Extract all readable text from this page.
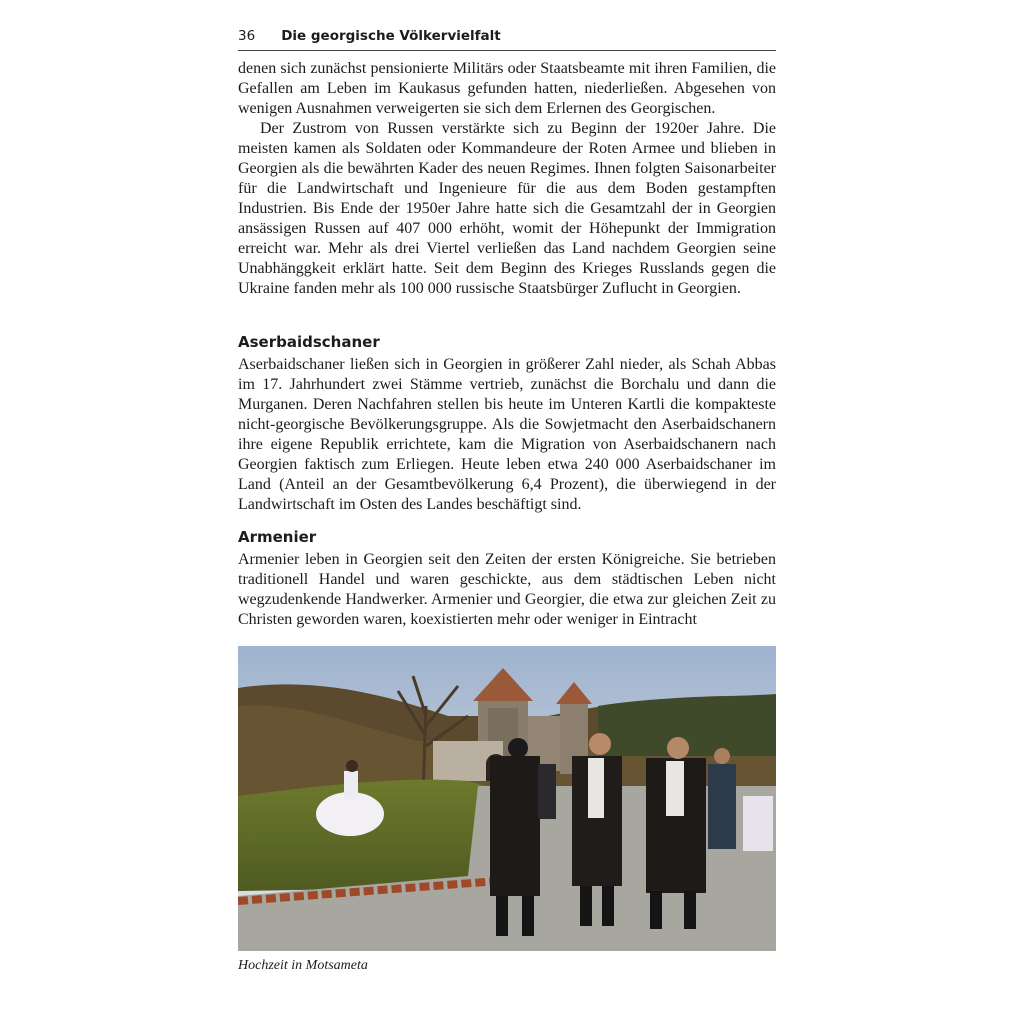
36 Die georgische Völkervielfalt

denen sich zunächst pensionierte Militärs oder Staatsbeamte mit ihren Familien, die Gefallen am Leben im Kaukasus gefunden hatten, niederließen. Abgesehen von wenigen Ausnahmen verweigerten sie sich dem Erlernen des Georgischen.

Der Zustrom von Russen verstärkte sich zu Beginn der 1920er Jahre. Die meisten kamen als Soldaten oder Kommandeure der Roten Armee und blieben in Georgien als die bewährten Kader des neuen Regimes. Ihnen folgten Saisonarbeiter für die Landwirtschaft und Ingenieure für die aus dem Boden gestampften Industrien. Bis Ende der 1950er Jahre hatte sich die Gesamtzahl der in Georgien ansässigen Russen auf 407 000 erhöht, womit der Höhepunkt der Immigration erreicht war. Mehr als drei Viertel verließen das Land nachdem Georgien seine Unabhänggkeit erklärt hatte. Seit dem Beginn des Krieges Russlands gegen die Ukraine fanden mehr als 100 000 russische Staatsbürger Zuflucht in Georgien.

Aserbaidschaner

Aserbaidschaner ließen sich in Georgien in größerer Zahl nieder, als Schah Abbas im 17. Jahrhundert zwei Stämme vertrieb, zunächst die Borchalu und dann die Murganen. Deren Nachfahren stellen bis heute im Unteren Kartli die kompakteste nicht-georgische Bevölkerungsgruppe. Als die Sowjetmacht den Aserbaidschanern ihre eigene Republik errichtete, kam die Migration von Aserbaidschanern nach Georgien faktisch zum Erliegen. Heute leben etwa 240 000 Aserbaidschaner im Land (Anteil an der Gesamtbevölkerung 6,4 Prozent), die überwiegend in der Landwirtschaft im Osten des Landes beschäftigt sind.

Armenier

Armenier leben in Georgien seit den Zeiten der ersten Königreiche. Sie betrieben traditionell Handel und waren geschickte, aus dem städtischen Leben nicht wegzudenkende Handwerker. Armenier und Georgier, die etwa zur gleichen Zeit zu Christen geworden waren, koexistierten mehr oder weniger in Eintracht

Hochzeit in Motsameta
